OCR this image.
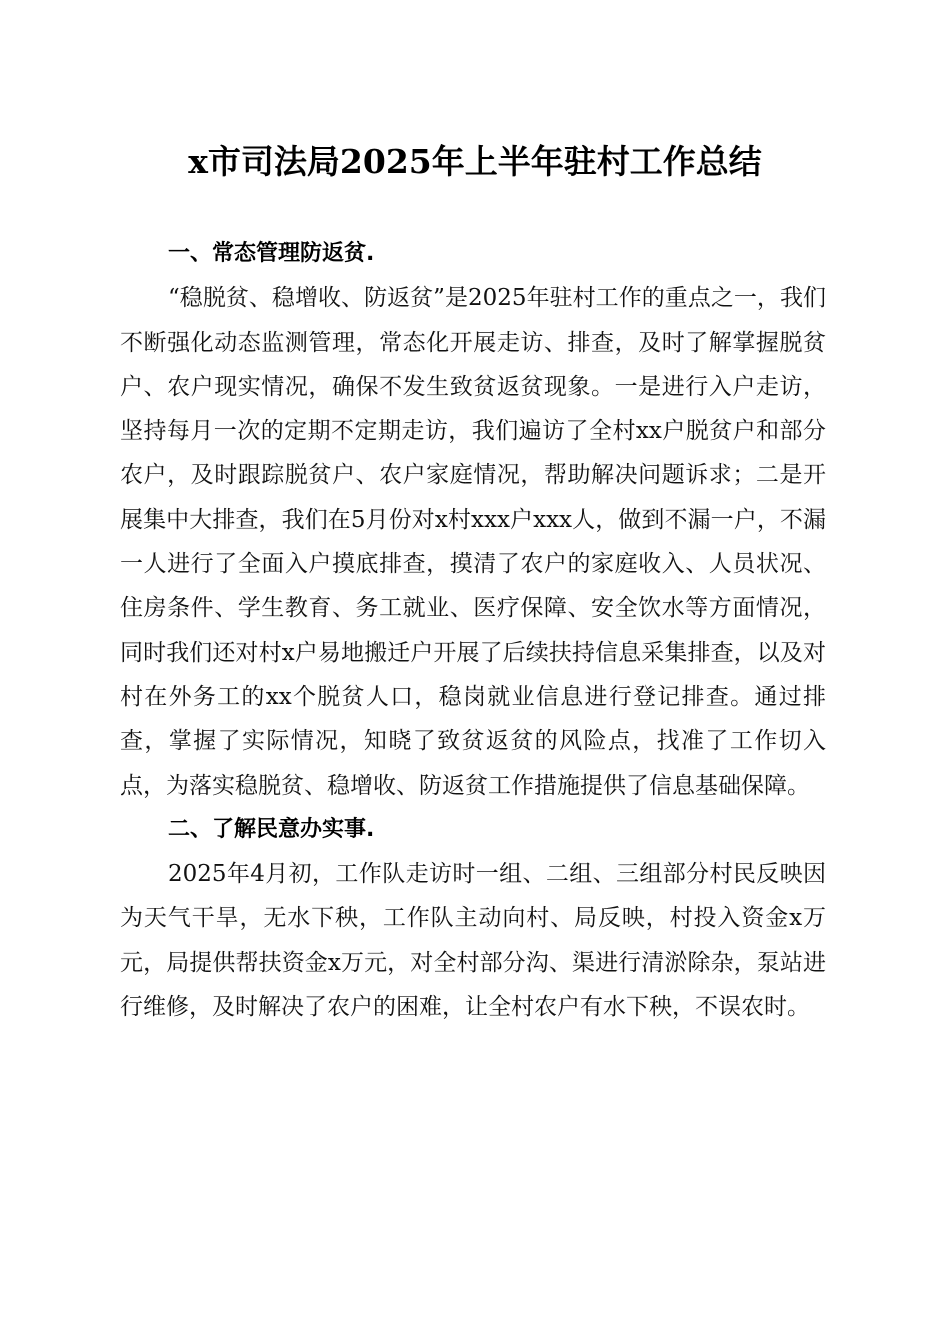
x市司法局2025年上半年驻村工作总结

一、常态管理防返贫.

“稳脱贫、稳增收、防返贫”是2025年驻村工作的重点之一，我们不断强化动态监测管理，常态化开展走访、排查，及时了解掌握脱贫户、农户现实情况，确保不发生致贫返贫现象。一是进行入户走访，坚持每月一次的定期不定期走访，我们遍访了全村xx户脱贫户和部分农户，及时跟踪脱贫户、农户家庭情况，帮助解决问题诉求；二是开展集中大排查，我们在5月份对x村xxx户xxx人，做到不漏一户，不漏一人进行了全面入户摸底排查，摸清了农户的家庭收入、人员状况、住房条件、学生教育、务工就业、医疗保障、安全饮水等方面情况，同时我们还对村x户易地搬迁户开展了后续扶持信息采集排查，以及对村在外务工的xx个脱贫人口，稳岗就业信息进行登记排查。通过排查，掌握了实际情况，知晓了致贫返贫的风险点，找准了工作切入点，为落实稳脱贫、稳增收、防返贫工作措施提供了信息基础保障。

二、了解民意办实事.

2025年4月初，工作队走访时一组、二组、三组部分村民反映因为天气干旱，无水下秧，工作队主动向村、局反映，村投入资金x万元，局提供帮扶资金x万元，对全村部分沟、渠进行清淤除杂，泵站进行维修，及时解决了农户的困难，让全村农户有水下秧，不误农时。
